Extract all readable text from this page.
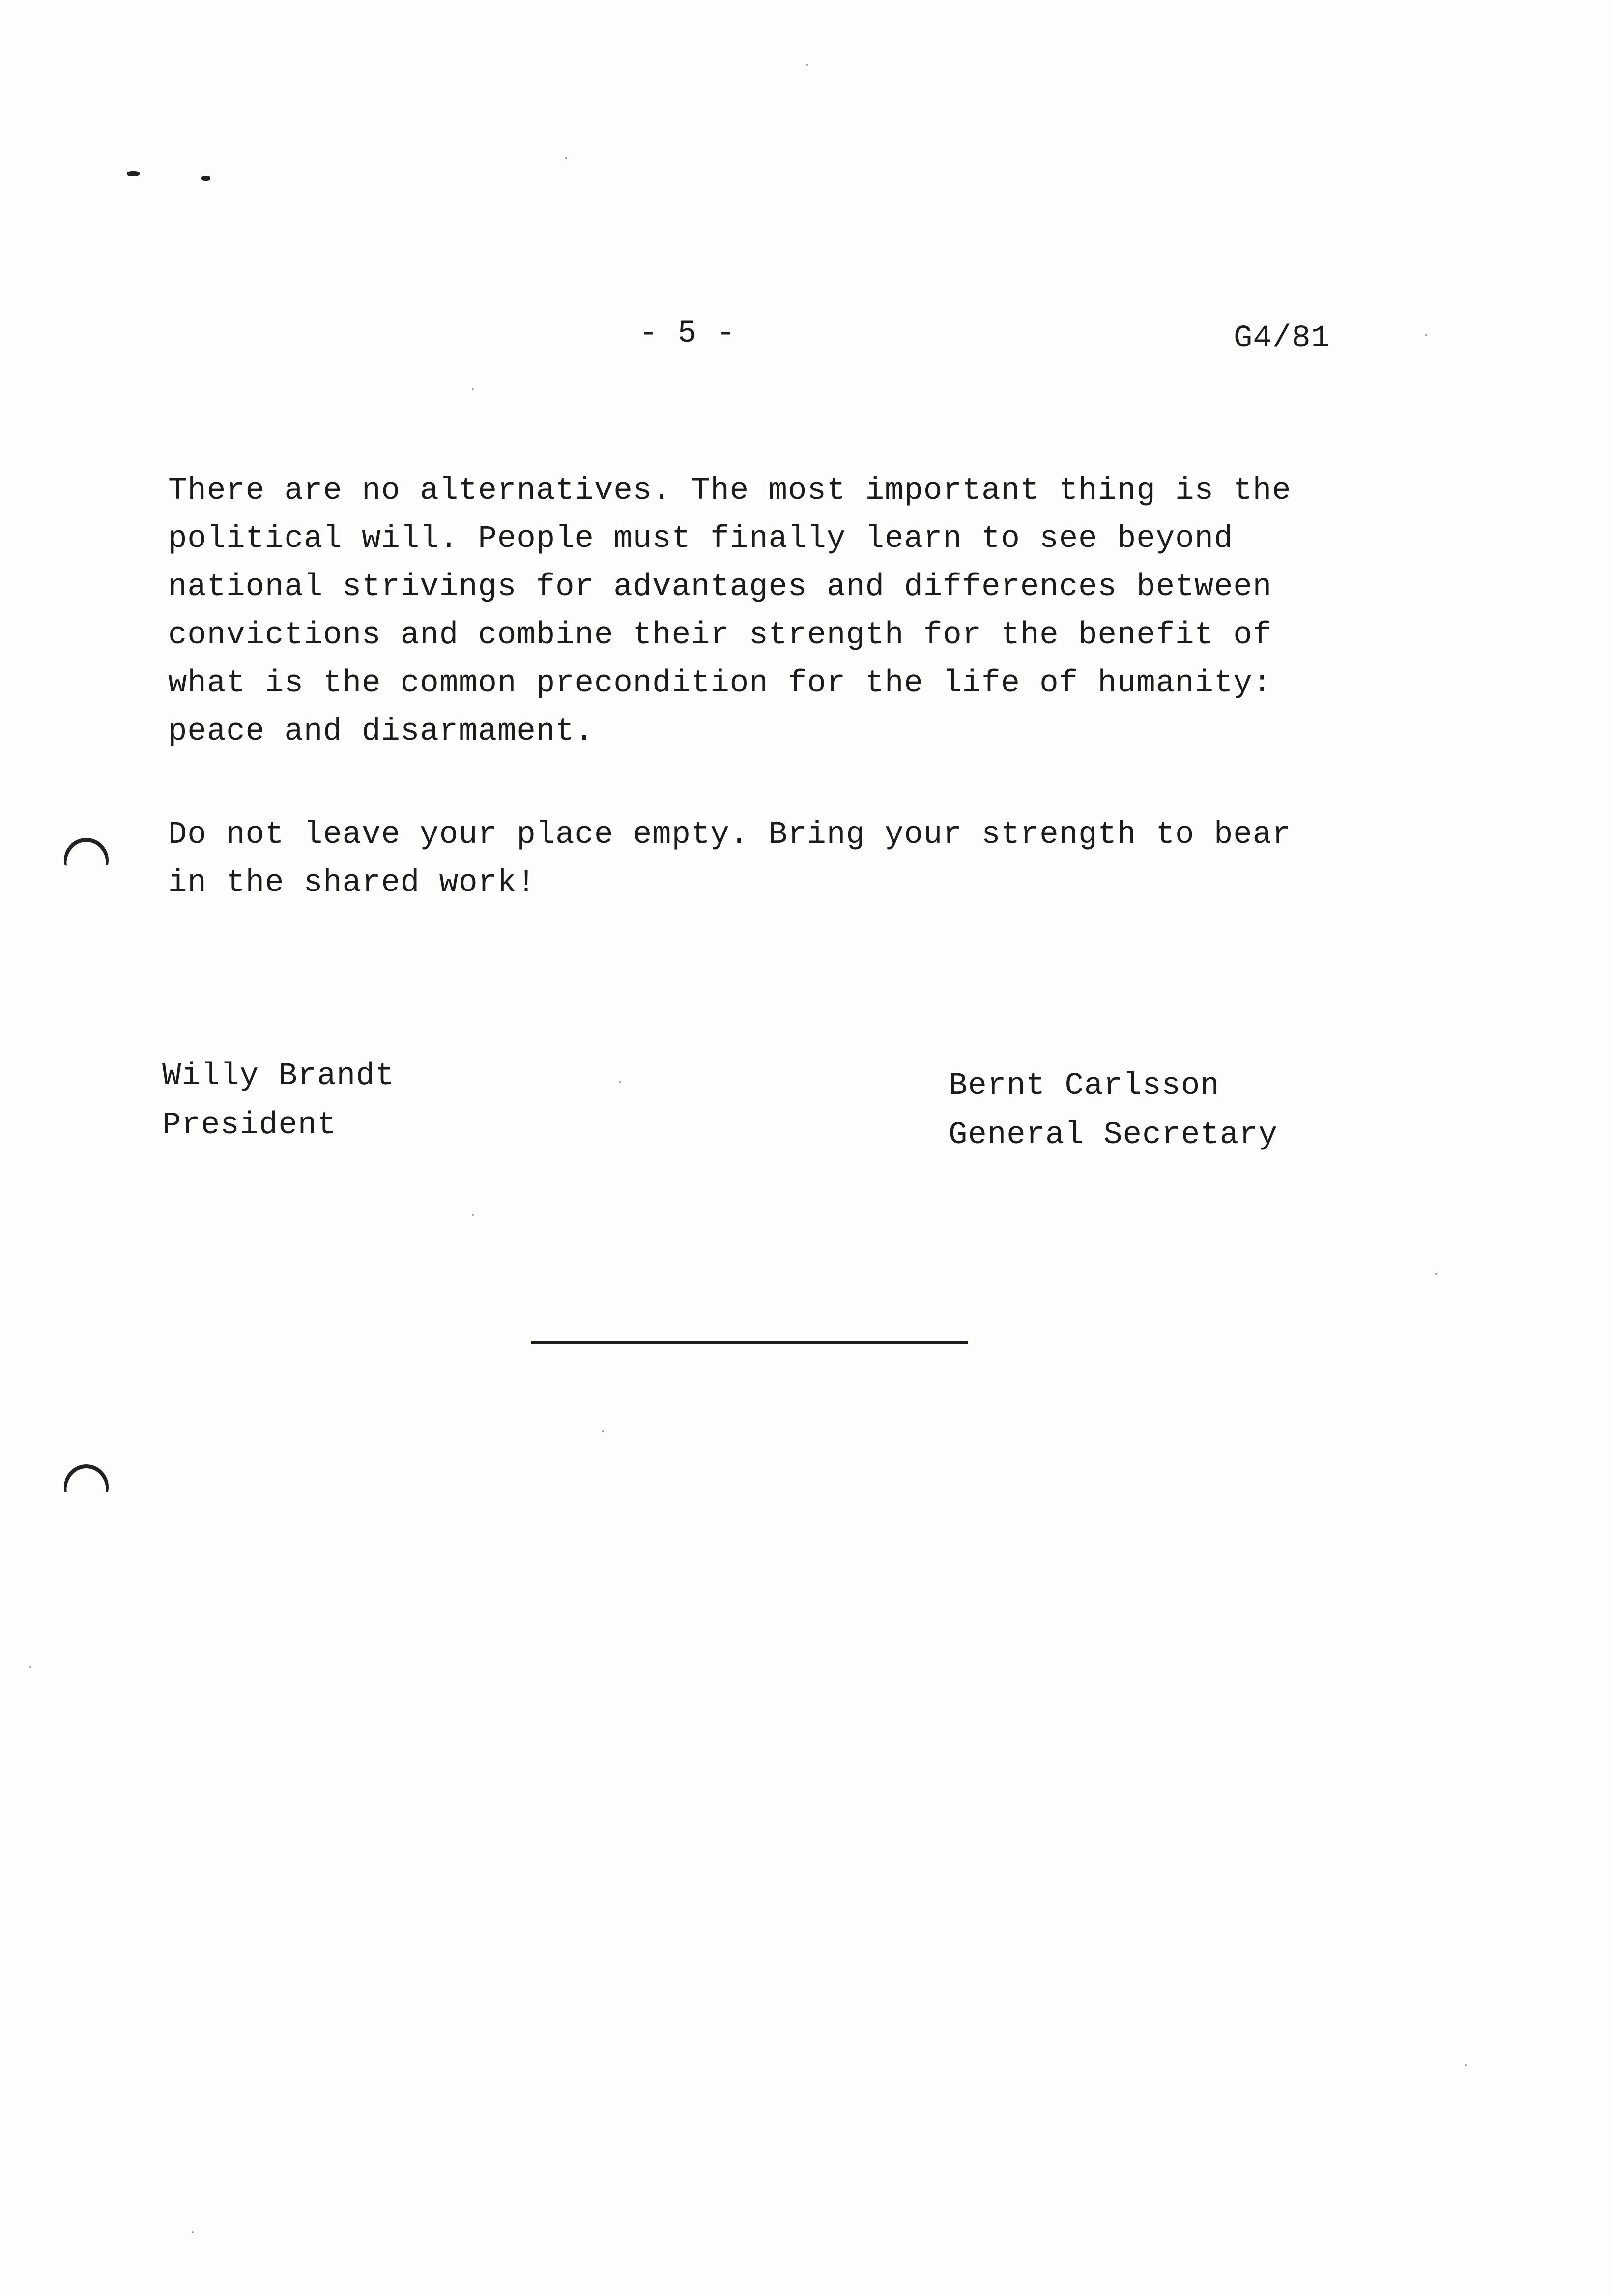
- 5 -	G4/81
There are no alternatives. The most important thing is the
political will. People must finally learn to see beyond
national strivings for advantages and differences between
convictions and combine their strength for the benefit of
what is the common precondition for the life of humanity:
peace and disarmament.
Do not leave your place empty. Bring your strength to bear
in the shared work!
Willy Brandt
President
Bernt Carlsson
General Secretary
